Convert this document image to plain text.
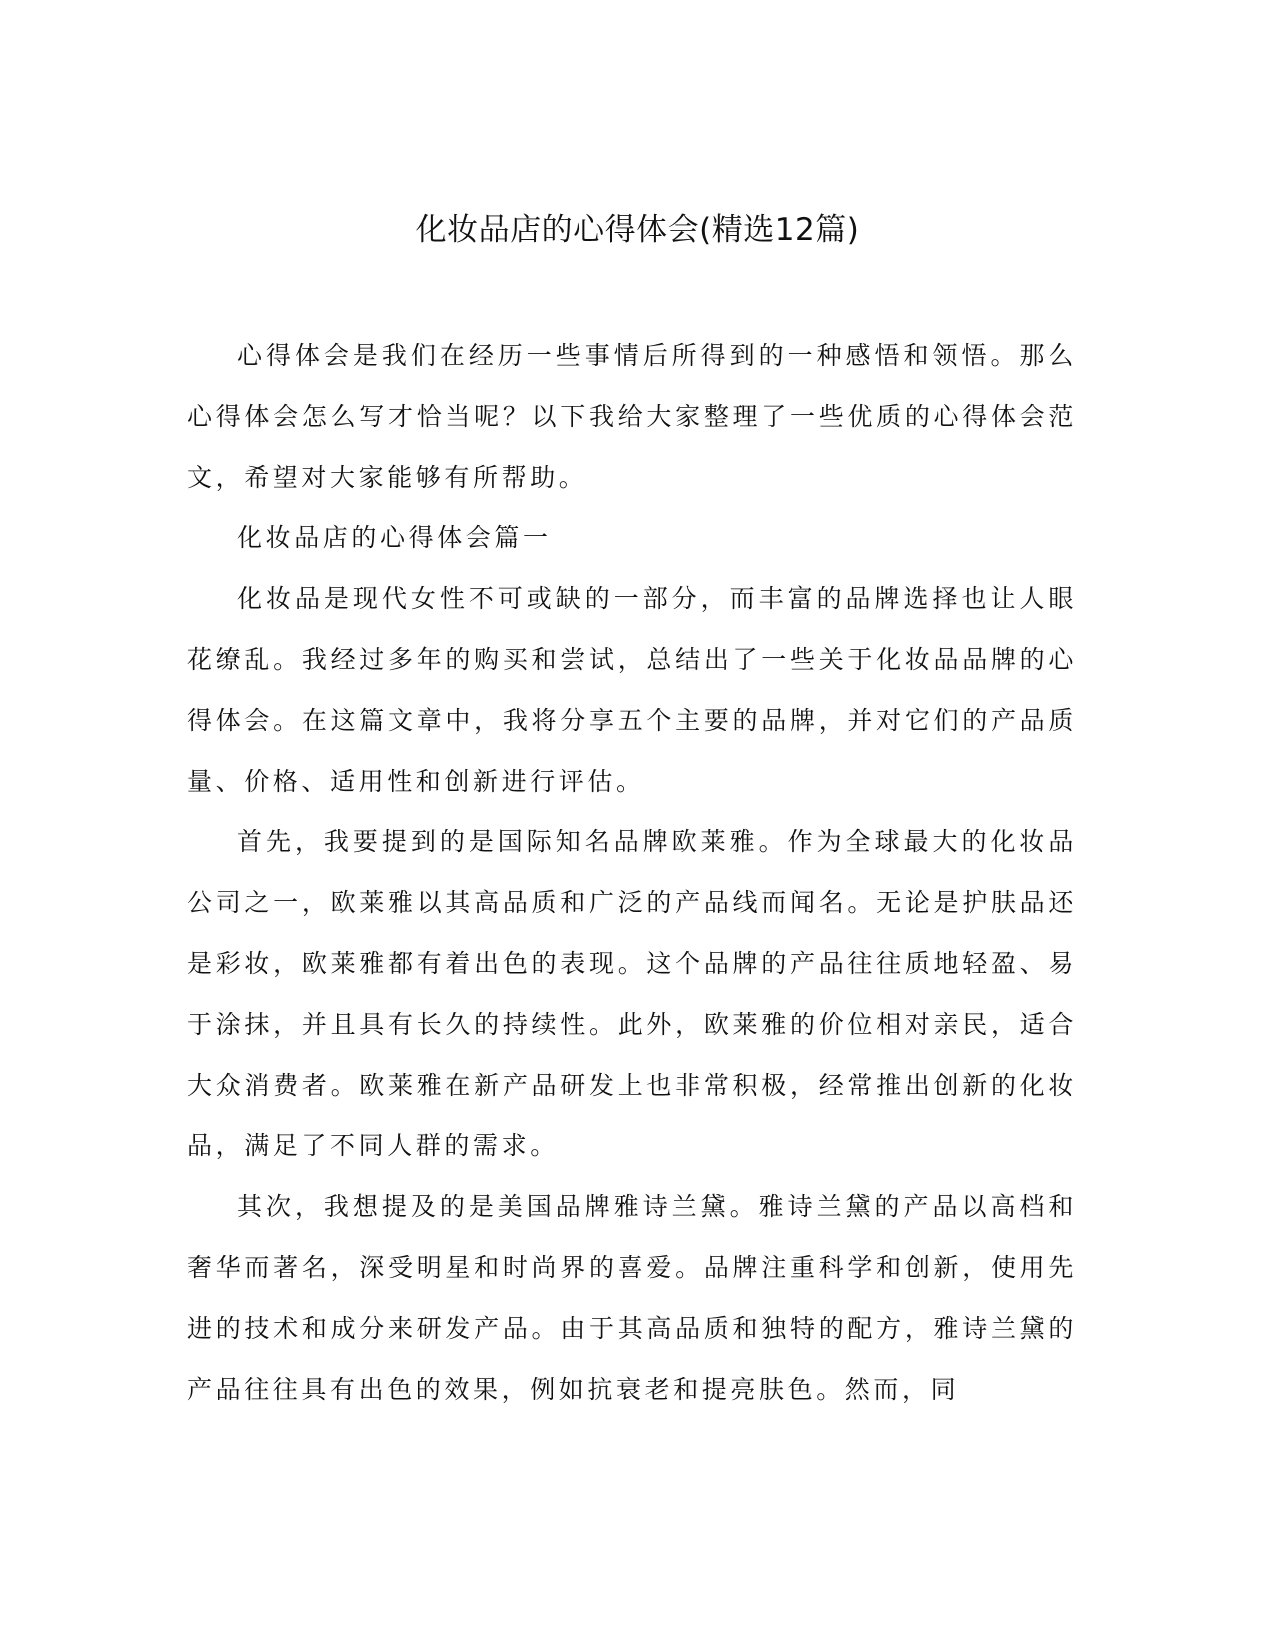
化妆品店的心得体会(精选12篇)

心得体会是我们在经历一些事情后所得到的一种感悟和领悟。那么心得体会怎么写才恰当呢？以下我给大家整理了一些优质的心得体会范文，希望对大家能够有所帮助。

化妆品店的心得体会篇一

化妆品是现代女性不可或缺的一部分，而丰富的品牌选择也让人眼花缭乱。我经过多年的购买和尝试，总结出了一些关于化妆品品牌的心得体会。在这篇文章中，我将分享五个主要的品牌，并对它们的产品质量、价格、适用性和创新进行评估。

首先，我要提到的是国际知名品牌欧莱雅。作为全球最大的化妆品公司之一，欧莱雅以其高品质和广泛的产品线而闻名。无论是护肤品还是彩妆，欧莱雅都有着出色的表现。这个品牌的产品往往质地轻盈、易于涂抹，并且具有长久的持续性。此外，欧莱雅的价位相对亲民，适合大众消费者。欧莱雅在新产品研发上也非常积极，经常推出创新的化妆品，满足了不同人群的需求。

其次，我想提及的是美国品牌雅诗兰黛。雅诗兰黛的产品以高档和奢华而著名，深受明星和时尚界的喜爱。品牌注重科学和创新，使用先进的技术和成分来研发产品。由于其高品质和独特的配方，雅诗兰黛的产品往往具有出色的效果，例如抗衰老和提亮肤色。然而，同
